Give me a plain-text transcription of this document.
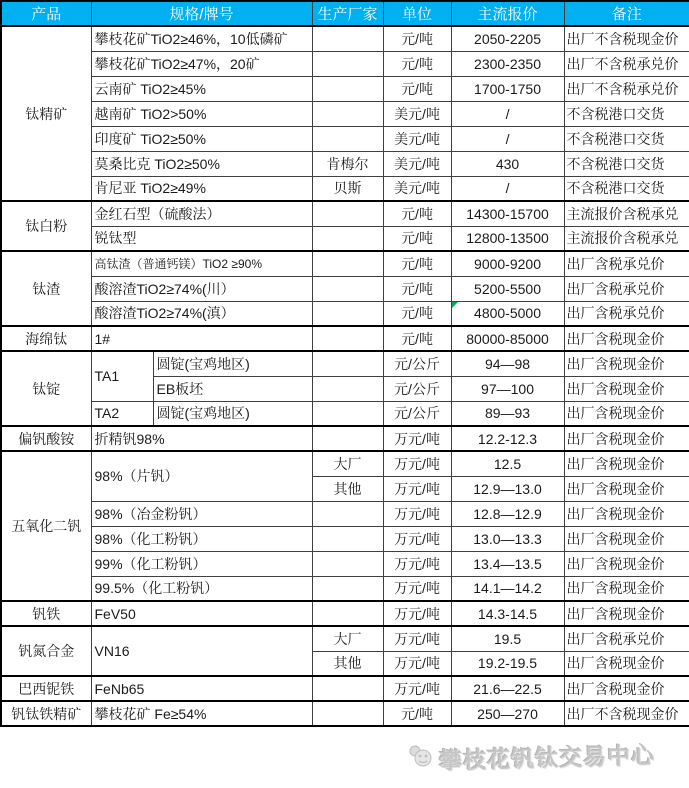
产品	规格/牌号		生产厂家	单位	主流报价	备注
钛精矿	攀枝花矿TiO2≥46%，10低磷矿			元/吨	2050-2205	出厂不含税现金价
	攀枝花矿TiO2≥47%，20矿			元/吨	2300-2350	出厂不含税承兑价
	云南矿 TiO2≥45%			元/吨	1700-1750	出厂不含税承兑价
	越南矿 TiO2>50%			美元/吨	/	不含税港口交货
	印度矿 TiO2≥50%			美元/吨	/	不含税港口交货
	莫桑比克 TiO2≥50%		肯梅尔	美元/吨	430	不含税港口交货
	肯尼亚 TiO2≥49%		贝斯	美元/吨	/	不含税港口交货
钛白粉	金红石型（硫酸法）			元/吨	14300-15700	主流报价含税承兑
	锐钛型			元/吨	12800-13500	主流报价含税承兑
钛渣	高钛渣（普通钙镁）TiO2 ≥90%			元/吨	9000-9200	出厂含税承兑价
	酸溶渣TiO2≥74%(川）			元/吨	5200-5500	出厂含税承兑价
	酸溶渣TiO2≥74%(滇）			元/吨	4800-5000	出厂含税承兑价
海绵钛	1#			元/吨	80000-85000	出厂含税现金价
钛锭	TA1	圆锭(宝鸡地区)		元/公斤	94—98	出厂含税现金价
		EB板坯		元/公斤	97—100	出厂含税现金价
	TA2	圆锭(宝鸡地区)		元/公斤	89—93	出厂含税现金价
偏钒酸铵	折精钒98%			万元/吨	12.2-12.3	出厂含税现金价
五氧化二钒	98%（片钒）		大厂	万元/吨	12.5	出厂含税现金价
			其他	万元/吨	12.9—13.0	出厂含税现金价
	98%（冶金粉钒）			万元/吨	12.8—12.9	出厂含税现金价
	98%（化工粉钒）			万元/吨	13.0—13.3	出厂含税现金价
	99%（化工粉钒）			万元/吨	13.4—13.5	出厂含税现金价
	99.5%（化工粉钒）			万元/吨	14.1—14.2	出厂含税现金价
钒铁	FeV50			万元/吨	14.3-14.5	出厂含税现金价
钒氮合金	VN16		大厂	万元/吨	19.5	出厂含税承兑价
			其他	万元/吨	19.2-19.5	出厂含税现金价
巴西铌铁	FeNb65			万元/吨	21.6—22.5	出厂含税现金价
钒钛铁精矿	攀枝花矿 Fe≥54%			元/吨	250—270	出厂不含税现金价
攀枝花钒钛交易中心
